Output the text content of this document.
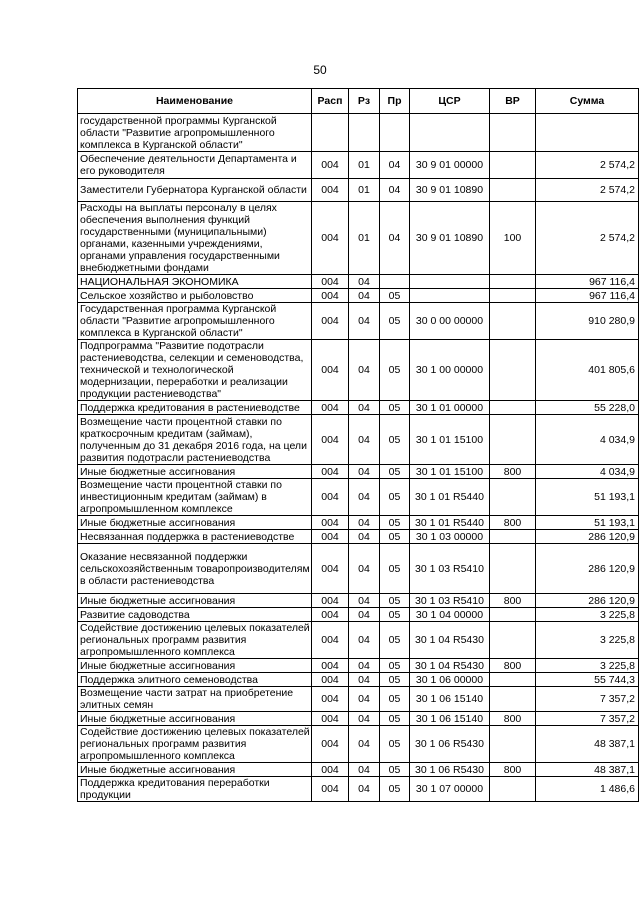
50
Наименование	Расп	Рз	Пр	ЦСР	ВР	Сумма
государственной программы Курганской области "Развитие агропромышленного комплекса в Курганской области"						
Обеспечение деятельности Департамента и его руководителя	004	01	04	30 9 01 00000		2 574,2
Заместители Губернатора Курганской области	004	01	04	30 9 01 10890		2 574,2
Расходы на выплаты персоналу в целях обеспечения выполнения функций государственными (муниципальными) органами, казенными учреждениями, органами управления государственными внебюджетными фондами	004	01	04	30 9 01 10890	100	2 574,2
НАЦИОНАЛЬНАЯ ЭКОНОМИКА	004	04				967 116,4
Сельское хозяйство и рыболовство	004	04	05			967 116,4
Государственная программа Курганской области "Развитие агропромышленного комплекса в Курганской области"	004	04	05	30 0 00 00000		910 280,9
Подпрограмма "Развитие подотрасли растениеводства, селекции и семеноводства, технической и технологической модернизации, переработки и реализации продукции растениеводства"	004	04	05	30 1 00 00000		401 805,6
Поддержка кредитования в растениеводстве	004	04	05	30 1 01 00000		55 228,0
Возмещение части процентной ставки по краткосрочным кредитам (займам), полученным до 31 декабря 2016 года, на цели развития подотрасли растениеводства	004	04	05	30 1 01 15100		4 034,9
Иные бюджетные ассигнования	004	04	05	30 1 01 15100	800	4 034,9
Возмещение части процентной ставки по инвестиционным кредитам (займам) в агропромышленном комплексе	004	04	05	30 1 01 R5440		51 193,1
Иные бюджетные ассигнования	004	04	05	30 1 01 R5440	800	51 193,1
Несвязанная поддержка в растениеводстве	004	04	05	30 1 03 00000		286 120,9
Оказание несвязанной поддержки сельскохозяйственным товаропроизводителям в области растениеводства	004	04	05	30 1 03 R5410		286 120,9
Иные бюджетные ассигнования	004	04	05	30 1 03 R5410	800	286 120,9
Развитие садоводства	004	04	05	30 1 04 00000		3 225,8
Содействие достижению целевых показателей региональных программ развития агропромышленного комплекса	004	04	05	30 1 04 R5430		3 225,8
Иные бюджетные ассигнования	004	04	05	30 1 04 R5430	800	3 225,8
Поддержка элитного семеноводства	004	04	05	30 1 06 00000		55 744,3
Возмещение части затрат на приобретение элитных семян	004	04	05	30 1 06 15140		7 357,2
Иные бюджетные ассигнования	004	04	05	30 1 06 15140	800	7 357,2
Содействие достижению целевых показателей региональных программ развития агропромышленного комплекса	004	04	05	30 1 06 R5430		48 387,1
Иные бюджетные ассигнования	004	04	05	30 1 06 R5430	800	48 387,1
Поддержка кредитования переработки продукции	004	04	05	30 1 07 00000		1 486,6
